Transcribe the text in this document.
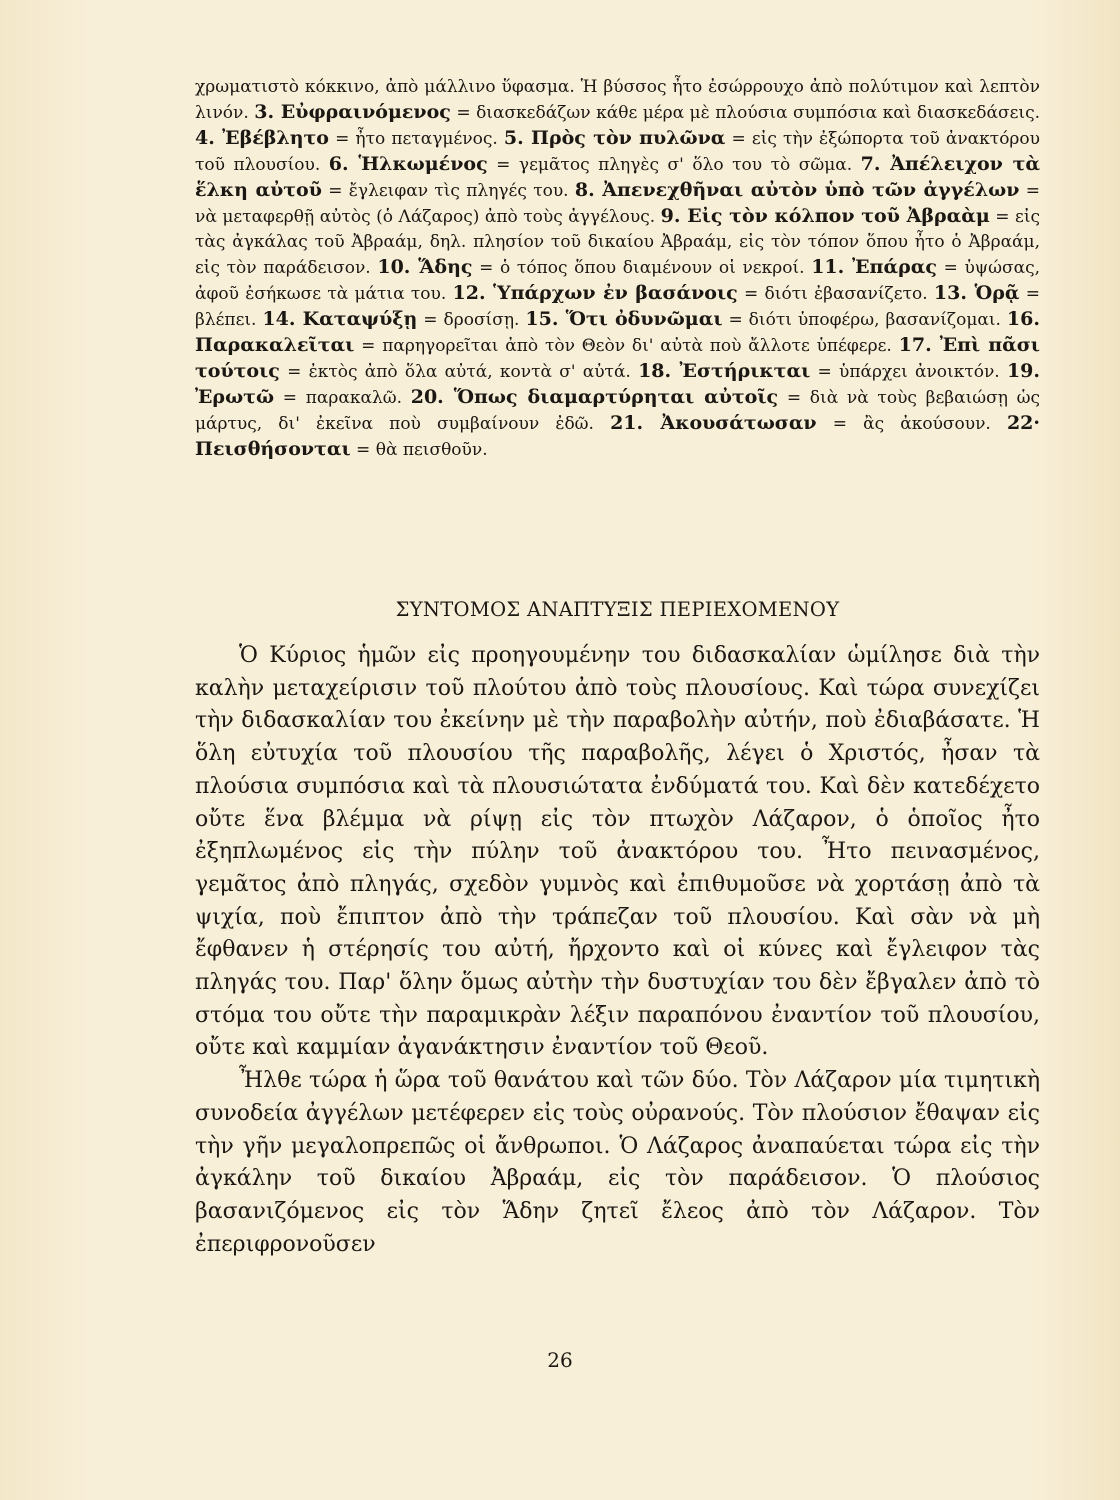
χρωματιστὸ κόκκινο, ἀπὸ μάλλινο ὕφασμα. Ἡ βύσσος ἦτο ἐσώρρουχο ἀπὸ πολύτιμον καὶ λεπτὸν λινόν. 3. Εὐφραινόμενος = διασκεδάζων κάθε μέρα μὲ πλούσια συμπόσια καὶ διασκεδάσεις. 4. Ἐβέβλητο = ἦτο πεταγμένος. 5. Πρὸς τὸν πυλῶνα = εἰς τὴν ἐξώπορτα τοῦ ἀνακτόρου τοῦ πλουσίου. 6. Ἡλκωμένος = γεμᾶτος πληγὲς σ' ὅλο του τὸ σῶμα. 7. Ἀπέλειχον τὰ ἕλκη αὐτοῦ = ἔγλειφαν τὶς πληγές του. 8. Ἀπενεχθῆναι αὐτὸν ὑπὸ τῶν ἀγγέλων = νὰ μεταφερθῇ αὐτὸς (ὁ Λάζαρος) ἀπὸ τοὺς ἀγγέλους. 9. Εἰς τὸν κόλπον τοῦ Ἀβραὰμ = εἰς τὰς ἀγκάλας τοῦ Ἀβραάμ, δηλ. πλησίον τοῦ δικαίου Ἀβραάμ, εἰς τὸν τόπον ὅπου ἦτο ὁ Ἀβραάμ, εἰς τὸν παράδεισον. 10. Ἅδης = ὁ τόπος ὅπου διαμένουν οἱ νεκροί. 11. Ἐπάρας = ὑψώσας, ἀφοῦ ἐσήκωσε τὰ μάτια του. 12. Ὑπάρχων ἐν βασάνοις = διότι ἐβασανίζετο. 13. Ὁρᾷ = βλέπει. 14. Καταψύξῃ = δροσίσῃ. 15. Ὅτι ὀδυνῶμαι = διότι ὑποφέρω, βασανίζομαι. 16. Παρακαλεῖται = παρηγορεῖται ἀπὸ τὸν Θεὸν δι' αὐτὰ ποὺ ἄλλοτε ὑπέφερε. 17. Ἐπὶ πᾶσι τούτοις = ἐκτὸς ἀπὸ ὅλα αὐτά, κοντὰ σ' αὐτά. 18. Ἐστήρικται = ὑπάρχει ἀνοικτόν. 19. Ἐρωτῶ = παρακαλῶ. 20. Ὅπως διαμαρτύρηται αὐτοῖς = διὰ νὰ τοὺς βεβαιώσῃ ὡς μάρτυς, δι' ἐκεῖνα ποὺ συμβαίνουν ἐδῶ. 21. Ἀκουσάτωσαν = ἂς ἀκούσουν. 22· Πεισθήσονται = θὰ πεισθοῦν.

ΣΥΝΤΟΜΟΣ ΑΝΑΠΤΥΞΙΣ ΠΕΡΙΕΧΟΜΕΝΟΥ

Ὁ Κύριος ἡμῶν εἰς προηγουμένην του διδασκαλίαν ὡμίλησε διὰ τὴν καλὴν μεταχείρισιν τοῦ πλούτου ἀπὸ τοὺς πλουσίους. Καὶ τώρα συνεχίζει τὴν διδασκαλίαν του ἐκείνην μὲ τὴν παραβολὴν αὐτήν, ποὺ ἐδιαβάσατε. Ἡ ὅλη εὐτυχία τοῦ πλουσίου τῆς παραβολῆς, λέγει ὁ Χριστός, ἦσαν τὰ πλούσια συμπόσια καὶ τὰ πλουσιώτατα ἐνδύματά του. Καὶ δὲν κατεδέχετο οὔτε ἕνα βλέμμα νὰ ρίψῃ εἰς τὸν πτωχὸν Λάζαρον, ὁ ὁποῖος ἦτο ἐξηπλωμένος εἰς τὴν πύλην τοῦ ἀνακτόρου του. Ἦτο πεινασμένος, γεμᾶτος ἀπὸ πληγάς, σχεδὸν γυμνὸς καὶ ἐπιθυμοῦσε νὰ χορτάσῃ ἀπὸ τὰ ψιχία, ποὺ ἔπιπτον ἀπὸ τὴν τράπεζαν τοῦ πλουσίου. Καὶ σὰν νὰ μὴ ἔφθανεν ἡ στέρησίς του αὐτή, ἤρχοντο καὶ οἱ κύνες καὶ ἔγλειφον τὰς πληγάς του. Παρ' ὅλην ὅμως αὐτὴν τὴν δυστυχίαν του δὲν ἔβγαλεν ἀπὸ τὸ στόμα του οὔτε τὴν παραμικρὰν λέξιν παραπόνου ἐναντίον τοῦ πλουσίου, οὔτε καὶ καμμίαν ἀγανάκτησιν ἐναντίον τοῦ Θεοῦ.

Ἦλθε τώρα ἡ ὥρα τοῦ θανάτου καὶ τῶν δύο. Τὸν Λάζαρον μία τιμητικὴ συνοδεία ἀγγέλων μετέφερεν εἰς τοὺς οὐρανούς. Τὸν πλούσιον ἔθαψαν εἰς τὴν γῆν μεγαλοπρεπῶς οἱ ἄνθρωποι. Ὁ Λάζαρος ἀναπαύεται τώρα εἰς τὴν ἀγκάλην τοῦ δικαίου Ἀβραάμ, εἰς τὸν παράδεισον. Ὁ πλούσιος βασανιζόμενος εἰς τὸν Ἅδην ζητεῖ ἔλεος ἀπὸ τὸν Λάζαρον. Τὸν ἐπεριφρονοῦσεν

26
